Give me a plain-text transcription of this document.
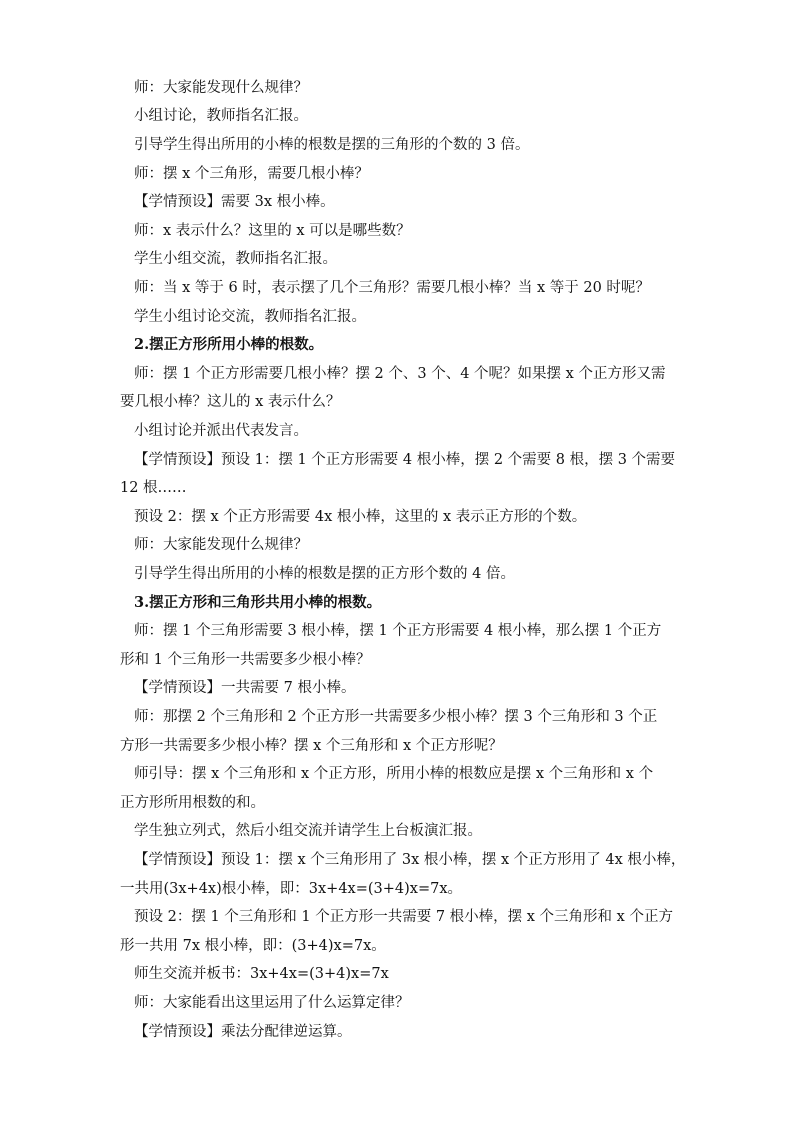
师：大家能发现什么规律？
小组讨论，教师指名汇报。
引导学生得出所用的小棒的根数是摆的三角形的个数的 3 倍。
师：摆 x 个三角形，需要几根小棒？
【学情预设】需要 3x 根小棒。
师：x 表示什么？这里的 x 可以是哪些数？
学生小组交流，教师指名汇报。
师：当 x 等于 6 时，表示摆了几个三角形？需要几根小棒？当 x 等于 20 时呢？
学生小组讨论交流，教师指名汇报。
2.摆正方形所用小棒的根数。
师：摆 1 个正方形需要几根小棒？摆 2 个、3 个、4 个呢？如果摆 x 个正方形又需
要几根小棒？这儿的 x 表示什么？
小组讨论并派出代表发言。
【学情预设】预设 1：摆 1 个正方形需要 4 根小棒，摆 2 个需要 8 根，摆 3 个需要
12 根……
预设 2：摆 x 个正方形需要 4x 根小棒，这里的 x 表示正方形的个数。
师：大家能发现什么规律？
引导学生得出所用的小棒的根数是摆的正方形个数的 4 倍。
3.摆正方形和三角形共用小棒的根数。
师：摆 1 个三角形需要 3 根小棒，摆 1 个正方形需要 4 根小棒，那么摆 1 个正方
形和 1 个三角形一共需要多少根小棒？
【学情预设】一共需要 7 根小棒。
师：那摆 2 个三角形和 2 个正方形一共需要多少根小棒？摆 3 个三角形和 3 个正
方形一共需要多少根小棒？摆 x 个三角形和 x 个正方形呢？
师引导：摆 x 个三角形和 x 个正方形，所用小棒的根数应是摆 x 个三角形和 x 个
正方形所用根数的和。
学生独立列式，然后小组交流并请学生上台板演汇报。
【学情预设】预设 1：摆 x 个三角形用了 3x 根小棒，摆 x 个正方形用了 4x 根小棒，
一共用(3x+4x)根小棒，即：3x+4x=(3+4)x=7x。
预设 2：摆 1 个三角形和 1 个正方形一共需要 7 根小棒，摆 x 个三角形和 x 个正方
形一共用 7x 根小棒，即：(3+4)x=7x。
师生交流并板书：3x+4x=(3+4)x=7x
师：大家能看出这里运用了什么运算定律？
【学情预设】乘法分配律逆运算。
